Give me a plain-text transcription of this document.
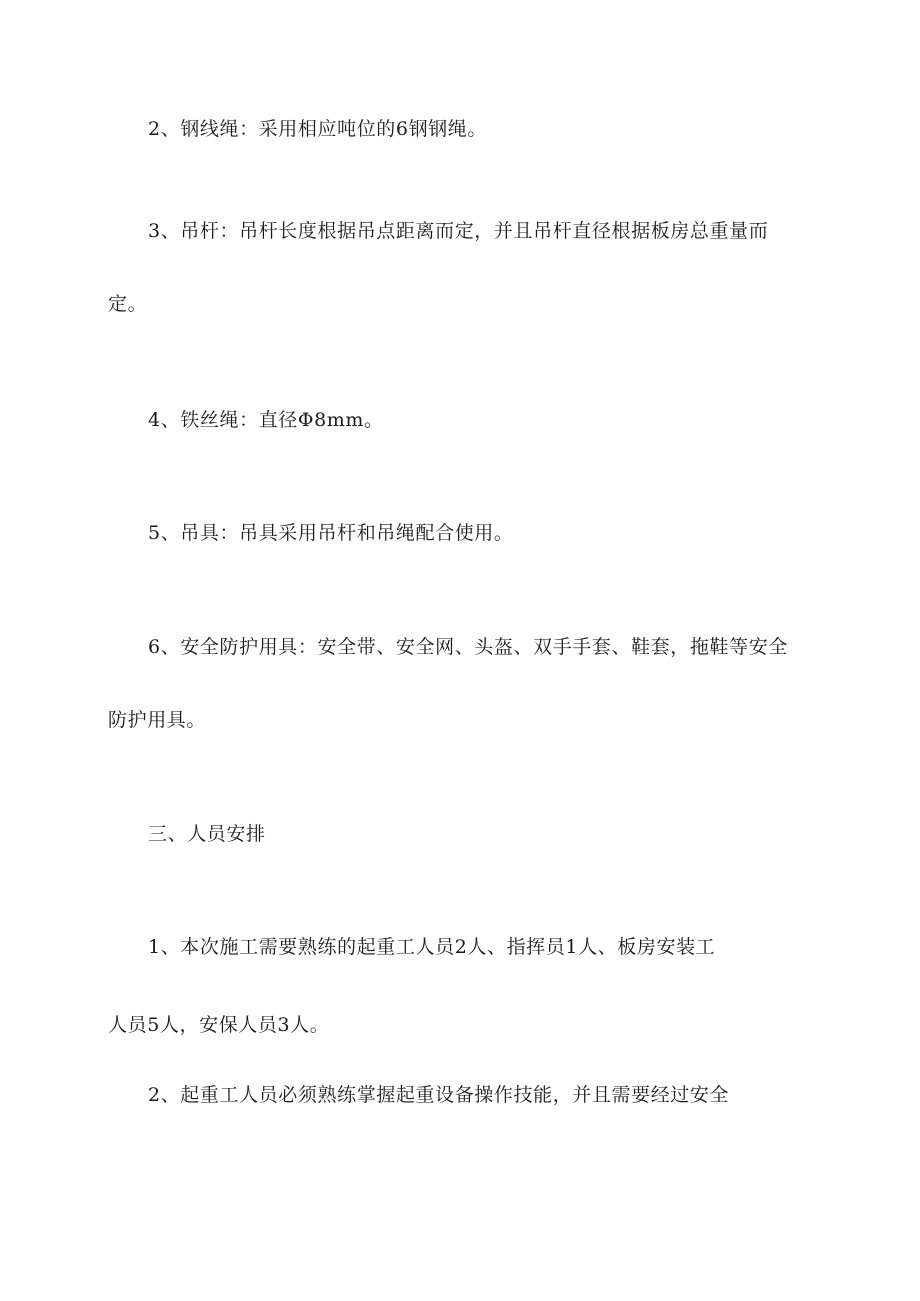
2、钢线绳：采用相应吨位的6钢钢绳。
3、吊杆：吊杆长度根据吊点距离而定，并且吊杆直径根据板房总重量而
定。
4、铁丝绳：直径Φ8mm。
5、吊具：吊具采用吊杆和吊绳配合使用。
6、安全防护用具：安全带、安全网、头盔、双手手套、鞋套，拖鞋等安全
防护用具。
三、人员安排
1、本次施工需要熟练的起重工人员2人、指挥员1人、板房安装工
人员5人，安保人员3人。
2、起重工人员必须熟练掌握起重设备操作技能，并且需要经过安全
